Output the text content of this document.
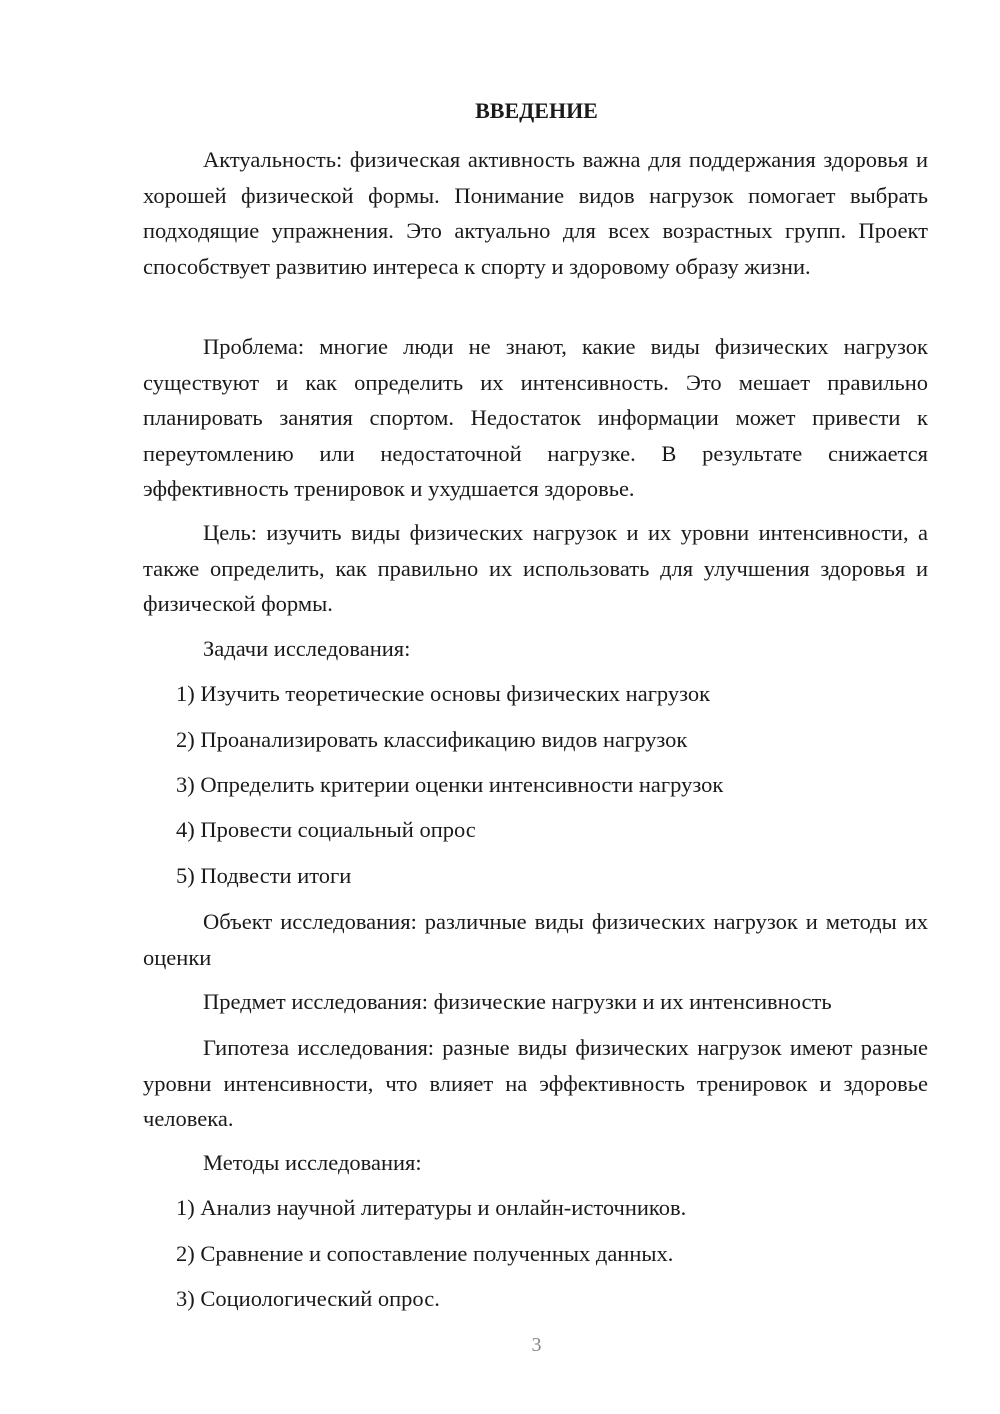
ВВЕДЕНИЕ
Актуальность: физическая активность важна для поддержания здоровья и хорошей физической формы. Понимание видов нагрузок помогает выбрать подходящие упражнения. Это актуально для всех возрастных групп. Проект способствует развитию интереса к спорту и здоровому образу жизни.
Проблема: многие люди не знают, какие виды физических нагрузок существуют и как определить их интенсивность. Это мешает правильно планировать занятия спортом. Недостаток информации может привести к переутомлению или недостаточной нагрузке. В результате снижается эффективность тренировок и ухудшается здоровье.
Цель: изучить виды физических нагрузок и их уровни интенсивности, а также определить, как правильно их использовать для улучшения здоровья и физической формы.
Задачи исследования:
1) Изучить теоретические основы физических нагрузок
2) Проанализировать классификацию видов нагрузок
3) Определить критерии оценки интенсивности нагрузок
4) Провести социальный опрос
5) Подвести итоги
Объект исследования: различные виды физических нагрузок и методы их оценки
Предмет исследования: физические нагрузки и их интенсивность
Гипотеза исследования: разные виды физических нагрузок имеют разные уровни интенсивности, что влияет на эффективность тренировок и здоровье человека.
Методы исследования:
1) Анализ научной литературы и онлайн-источников.
2) Сравнение и сопоставление полученных данных.
3) Социологический опрос.
3
